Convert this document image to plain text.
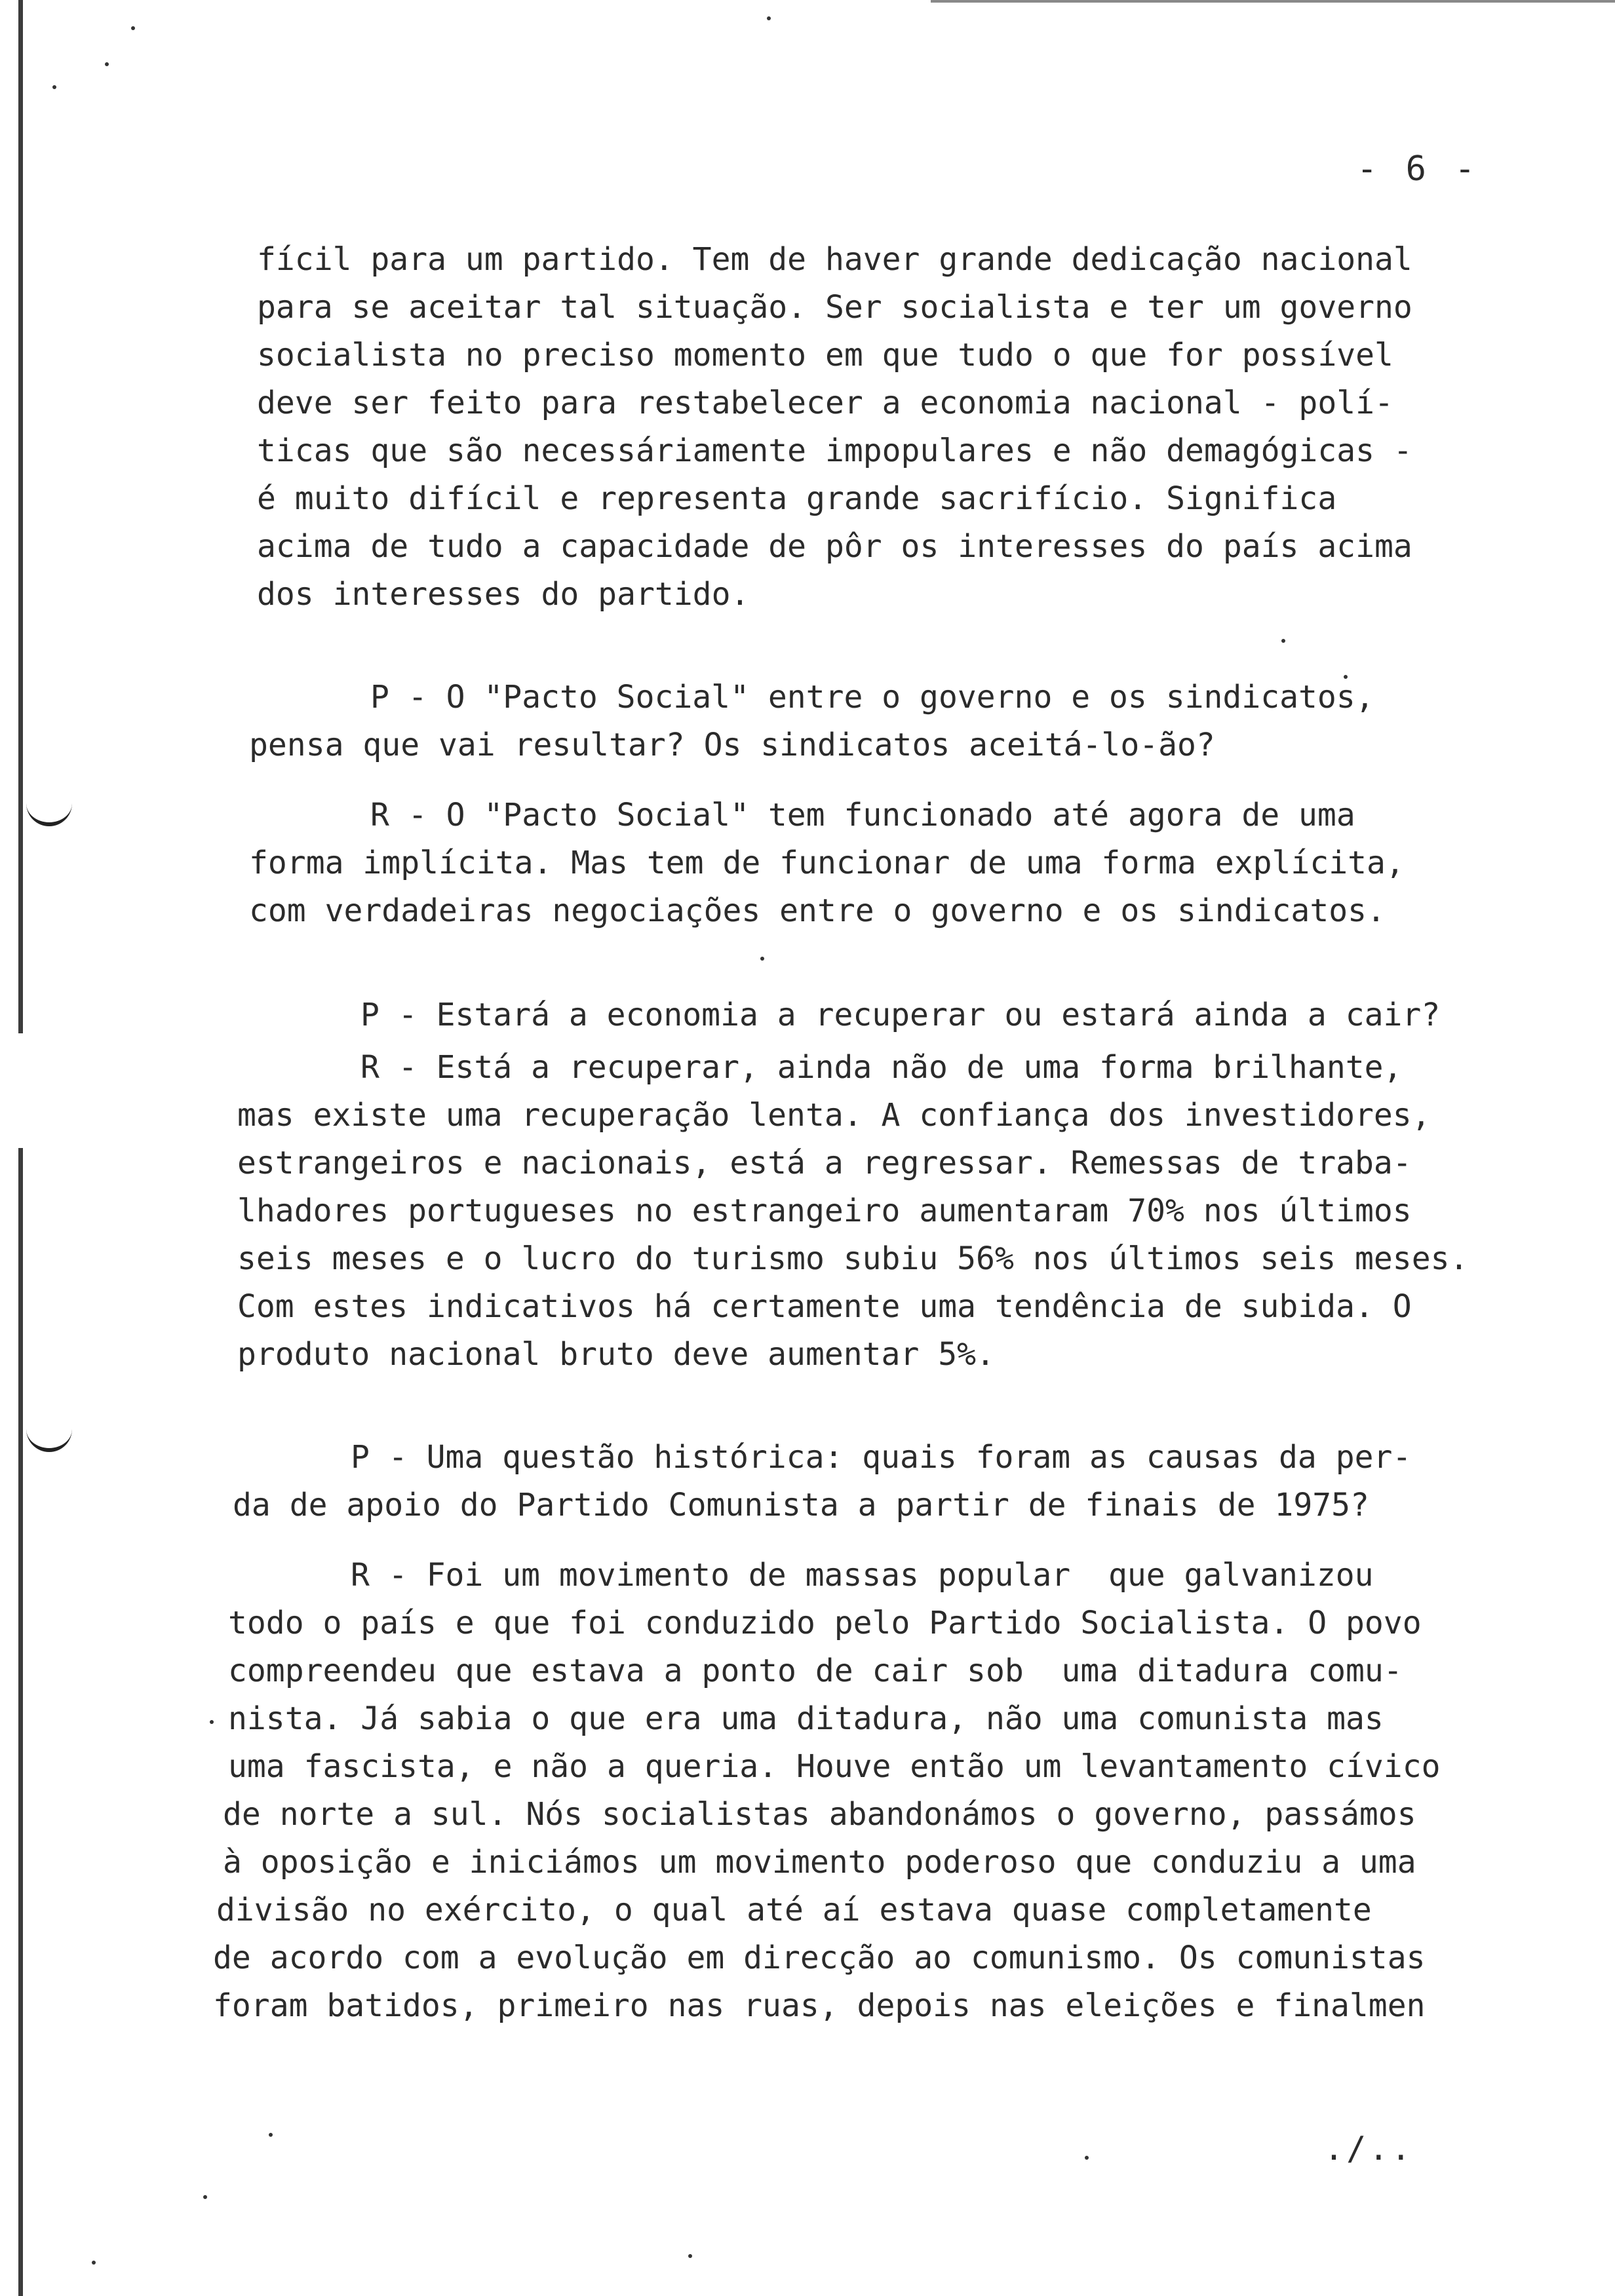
- 6 -
fícil para um partido. Tem de haver grande dedicação nacional
para se aceitar tal situação. Ser socialista e ter um governo
socialista no preciso momento em que tudo o que for possível
deve ser feito para restabelecer a economia nacional - polí-
ticas que são necessáriamente impopulares e não demagógicas -
é muito difícil e representa grande sacrifício. Significa
acima de tudo a capacidade de pôr os interesses do país acima
dos interesses do partido.
P - O "Pacto Social" entre o governo e os sindicatos,
pensa que vai resultar? Os sindicatos aceitá-lo-ão?
R - O "Pacto Social" tem funcionado até agora de uma
forma implícita. Mas tem de funcionar de uma forma explícita,
com verdadeiras negociações entre o governo e os sindicatos.
P - Estará a economia a recuperar ou estará ainda a cair?
R - Está a recuperar, ainda não de uma forma brilhante,
mas existe uma recuperação lenta. A confiança dos investidores,
estrangeiros e nacionais, está a regressar. Remessas de traba-
lhadores portugueses no estrangeiro aumentaram 70% nos últimos
seis meses e o lucro do turismo subiu 56% nos últimos seis meses.
Com estes indicativos há certamente uma tendência de subida. O
produto nacional bruto deve aumentar 5%.
P - Uma questão histórica: quais foram as causas da per-
da de apoio do Partido Comunista a partir de finais de 1975?
R - Foi um movimento de massas popular  que galvanizou
todo o país e que foi conduzido pelo Partido Socialista. O povo
compreendeu que estava a ponto de cair sob  uma ditadura comu-
nista. Já sabia o que era uma ditadura, não uma comunista mas
uma fascista, e não a queria. Houve então um levantamento cívico
de norte a sul. Nós socialistas abandonámos o governo, passámos
à oposição e iniciámos um movimento poderoso que conduziu a uma
divisão no exército, o qual até aí estava quase completamente
de acordo com a evolução em direcção ao comunismo. Os comunistas
foram batidos, primeiro nas ruas, depois nas eleições e finalmen
./..
